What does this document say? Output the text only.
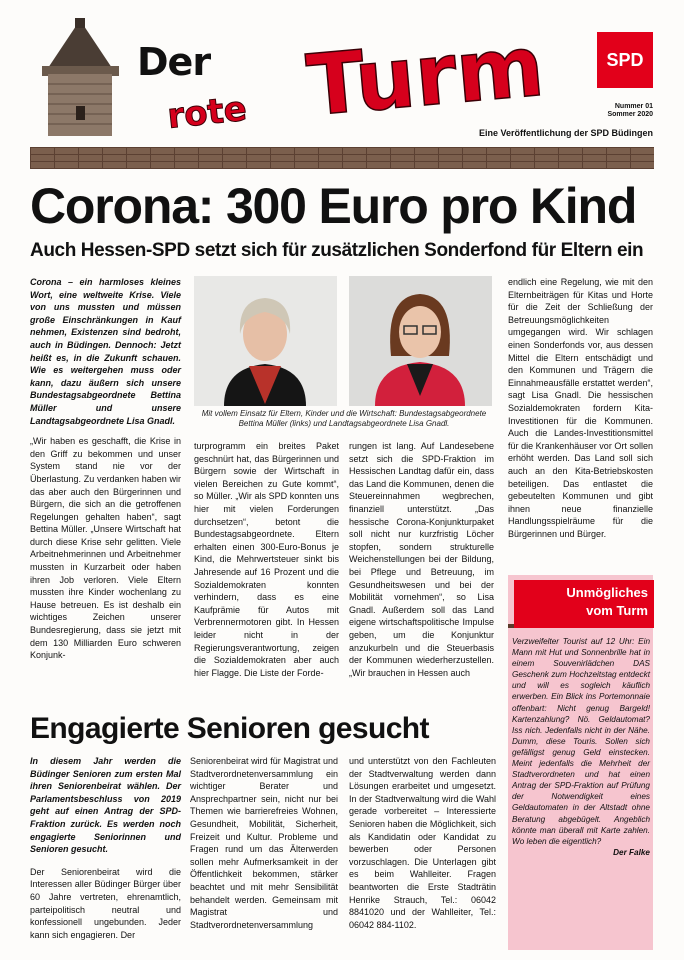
Der
rote Turm	SPD
Nummer 01
Sommer 2020
Eine Veröffentlichung der SPD Büdingen
Corona: 300 Euro pro Kind
Auch Hessen-SPD setzt sich für zusätzlichen Sonderfond für Eltern ein

Corona – ein harmloses kleines Wort, eine weltweite Krise. Viele von uns mussten und müssen große Einschränkungen in Kauf nehmen, Existenzen sind bedroht, auch in Büdingen. Dennoch: Jetzt heißt es, in die Zukunft schauen. Wie es weitergehen muss oder kann, dazu äußern sich unsere Bundestagsabgeordnete Bettina Müller und unsere Landtagsabgeordnete Lisa Gnadl.

„Wir haben es geschafft, die Krise in den Griff zu bekommen und unser System stand nie vor der Überlastung. Zu verdanken haben wir das aber auch den Bürgerinnen und Bürgern, die sich an die getroffenen Regelungen gehalten haben“, sagt Bettina Müller. „Unsere Wirtschaft hat durch diese Krise sehr gelitten. Viele Arbeitnehmerinnen und Arbeitnehmer mussten in Kurzarbeit oder haben ihren Job verloren. Viele Eltern mussten ihre Kinder wochenlang zu Hause betreuen. Es ist deshalb ein wichtiges Zeichen unserer Bundesregierung, dass sie jetzt mit dem 130 Milliarden Euro schweren Konjunk-

Mit vollem Einsatz für Eltern, Kinder und die Wirtschaft: Bundestagsabgeordnete Bettina Müller (links) und Landtagsabgeordnete Lisa Gnadl.
turprogramm ein breites Paket geschnürt hat, das Bürgerinnen und Bürgern sowie der Wirtschaft in vielen Bereichen zu Gute kommt“, so Müller. „Wir als SPD konnten uns hier mit vielen Forderungen durchsetzen“, betont die Bundestagsabgeordnete. Eltern erhalten einen 300-Euro-Bonus je Kind, die Mehrwertsteuer sinkt bis Jahresende auf 16 Prozent und die Sozialdemokraten konnten verhindern, dass es eine Kaufprämie für Autos mit Verbrennermotoren gibt. In Hessen leider nicht in der Regierungsverantwortung, zeigen die Sozialdemokraten aber auch hier Flagge. Die Liste der Forde-
rungen ist lang. Auf Landesebene setzt sich die SPD-Fraktion im Hessischen Landtag dafür ein, dass das Land die Kommunen, denen die Steuereinnahmen wegbrechen, finanziell unterstützt. „Das hessische Corona-Konjunkturpaket soll nicht nur kurzfristig Löcher stopfen, sondern strukturelle Weichenstellungen bei der Bildung, bei Pflege und Betreuung, im Gesundheitswesen und bei der Mobilität vornehmen“, so Lisa Gnadl. Außerdem soll das Land eigene wirtschaftspolitische Impulse geben, um die Konjunktur anzukurbeln und die Steuerbasis der Kommunen wiederherzustellen. „Wir brauchen in Hessen auch
endlich eine Regelung, wie mit den Elternbeiträgen für Kitas und Horte für die Zeit der Schließung der Betreuungsmöglichkeiten umgegangen wird. Wir schlagen einen Sonderfonds vor, aus dessen Mittel die Eltern entschädigt und den Kommunen und Trägern die Einnahmeausfälle erstattet werden“, sagt Lisa Gnadl. Die hessischen Sozialdemokraten fordern Kita-Investitionen für die Kommunen. Auch die Landes-Investitionsmittel für die Krankenhäuser vor Ort sollen erhöht werden. Das Land soll sich auch an den Kita-Betriebskosten beteiligen. Das entlastet die gebeutelten Kommunen und gibt ihnen neue finanzielle Handlungsspielräume für die Bürgerinnen und Bürger.
Engagierte Senioren gesucht

In diesem Jahr werden die Büdinger Senioren zum ersten Mal ihren Seniorenbeirat wählen. Der Parlamentsbeschluss von 2019 geht auf einen Antrag der SPD-Fraktion zurück. Es werden noch engagierte Seniorinnen und Senioren gesucht.

Der Seniorenbeirat wird die Interessen aller Büdinger Bürger über 60 Jahre vertreten, ehrenamtlich, parteipolitisch neutral und konfessionell ungebunden. Jeder kann sich engagieren. Der

Seniorenbeirat wird für Magistrat und Stadtverordnetenversammlung ein wichtiger Berater und Ansprechpartner sein, nicht nur bei Themen wie barrierefreies Wohnen, Gesundheit, Mobilität, Sicherheit, Freizeit und Kultur. Probleme und Fragen rund um das Älterwerden sollen mehr Aufmerksamkeit in der Öffentlichkeit bekommen, stärker beachtet und mit mehr Sensibilität behandelt werden. Gemeinsam mit Magistrat und Stadtverordnetenversammlung
und unterstützt von den Fachleuten der Stadtverwaltung werden dann Lösungen erarbeitet und umgesetzt. In der Stadtverwaltung wird die Wahl gerade vorbereitet – Interessierte Senioren haben die Möglichkeit, sich als Kandidatin oder Kandidat zu bewerben oder Personen vorzuschlagen. Die Unterlagen gibt es beim Wahlleiter. Fragen beantworten die Erste Stadträtin Henrike Strauch, Tel.: 06042 8841020 und der Wahlleiter, Tel.: 06042 884-1102.
Unmögliches
vom Turm
Verzweifelter Tourist auf 12 Uhr: Ein Mann mit Hut und Sonnenbrille hat in einem Souvenirlädchen DAS Geschenk zum Hochzeitstag entdeckt und will es sogleich käuflich erwerben. Ein Blick ins Portemonnaie offenbart: Nicht genug Bargeld! Kartenzahlung? Nö. Geldautomat? Iss nich. Jedenfalls nicht in der Nähe. Dumm, diese Touris. Sollen sich gefälligst genug Geld einstecken. Meint jedenfalls die Mehrheit der Stadtverordneten und hat einen Antrag der SPD-Fraktion auf Prüfung der Notwendigkeit eines Geldautomaten in der Altstadt ohne Beratung abgebügelt. Angeblich könnte man überall mit Karte zahlen. Wo leben die eigentlich?
Der Falke
